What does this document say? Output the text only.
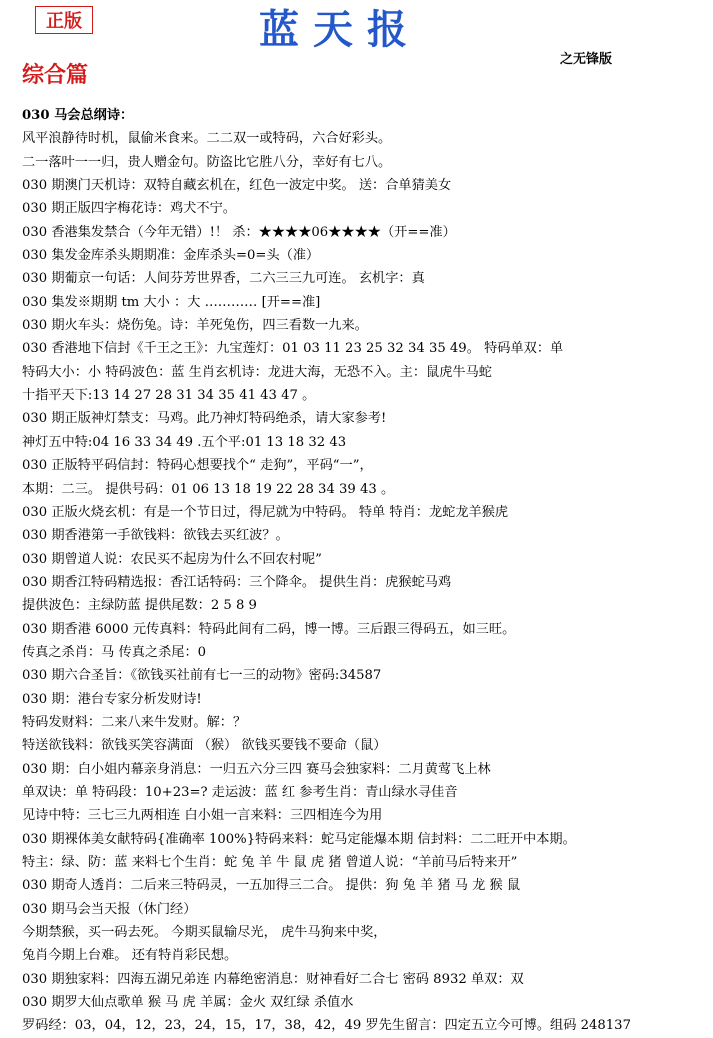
正版	蓝天报
之无锋版
综合篇
030 马会总纲诗：
风平浪静待时机，鼠偷米食来。二二双一或特码，六合好彩头。
二一落叶一一归，贵人赠金句。防盗比它胜八分，幸好有七八。
030 期澳门天机诗：双特自藏玄机在，红色一波定中奖。 送：合单猜美女
030 期正版四字梅花诗：鸡犬不宁。
030 香港集发禁合（今年无错）!！ 杀：★★★★06★★★★（开==准）
030 集发金库杀头期期准：金库杀头=0=头（准）
030 期葡京一句话：人间芬芳世界香，二六三三九可连。 玄机字：真
030 集发※期期 tm 大小 ：大 ………… [开==准]
030 期火车头：烧伤兔。诗：羊死兔伤，四三看数一九来。
030 香港地下信封《千王之王》：九宝莲灯：01 03 11 23 25 32 34 35 49。 特码单双：单
特码大小：小 特码波色：蓝 生肖玄机诗：龙进大海，无恐不入。主：鼠虎牛马蛇
十指平天下:13 14 27 28 31 34 35 41 43 47 。
030 期正版神灯禁支：马鸡。此乃神灯特码绝杀，请大家参考!
神灯五中特:04 16 33 34 49 .五个平:01 13 18 32 43
030 正版特平码信封：特码心想要找个“ 走狗”，平码“一”，
本期：二三。 提供号码：01 06 13 18 19 22 28 34 39 43 。
030 正版火烧玄机：有是一个节日过，得尼就为中特码。 特单 特肖：龙蛇龙羊猴虎
030 期香港第一手欲钱料：欲钱去买红波？。
030 期曾道人说：农民买不起房为什么不回农村呢”
030 期香江特码精选报：香江话特码：三个降伞。 提供生肖：虎猴蛇马鸡
提供波色：主绿防蓝 提供尾数：2 5 8 9
030 期香港 6000 元传真料：特码此间有二码，博一博。三后跟三得码五，如三旺。
传真之杀肖：马 传真之杀尾：0
030 期六合圣旨：《欲钱买社前有七一三的动物》密码:34587
030 期：港台专家分析发财诗!
特码发财料：二来八来牛发财。解：？
特送欲钱料：欲钱买笑容满面 （猴） 欲钱买要钱不要命（鼠）
030 期：白小姐内幕亲身消息：一归五六分三四 赛马会独家料：二月黄莺飞上林
单双诀：单 特码段：10+23=? 走运波：蓝 红 参考生肖：青山绿水寻佳音
见诗中特：三七三九两相连 白小姐一言来料：三四相连今为用
030 期裸体美女献特码{准确率 100%}特码来料：蛇马定能爆本期 信封料：二二旺开中本期。
特主：绿、防：蓝 来料七个生肖：蛇 兔 羊 牛 鼠 虎 猪 曾道人说：“羊前马后特来开”
030 期奇人透肖：二后来三特码灵，一五加得三二合。 提供：狗 兔 羊 猪 马 龙 猴 鼠
030 期马会当天报（休门经）
今期禁猴，买一码去死。 今期买鼠输尽光， 虎牛马狗来中奖，
兔肖今期上台难。 还有特肖彩民想。
030 期独家料：四海五湖兄弟连 内幕绝密消息：财神看好二合七 密码 8932 单双：双
030 期罗大仙点歌单 猴 马 虎 羊属：金火 双红绿 杀值水
罗码经：03，04，12，23，24，15，17，38，42，49 罗先生留言：四定五立今可博。组码 248137
